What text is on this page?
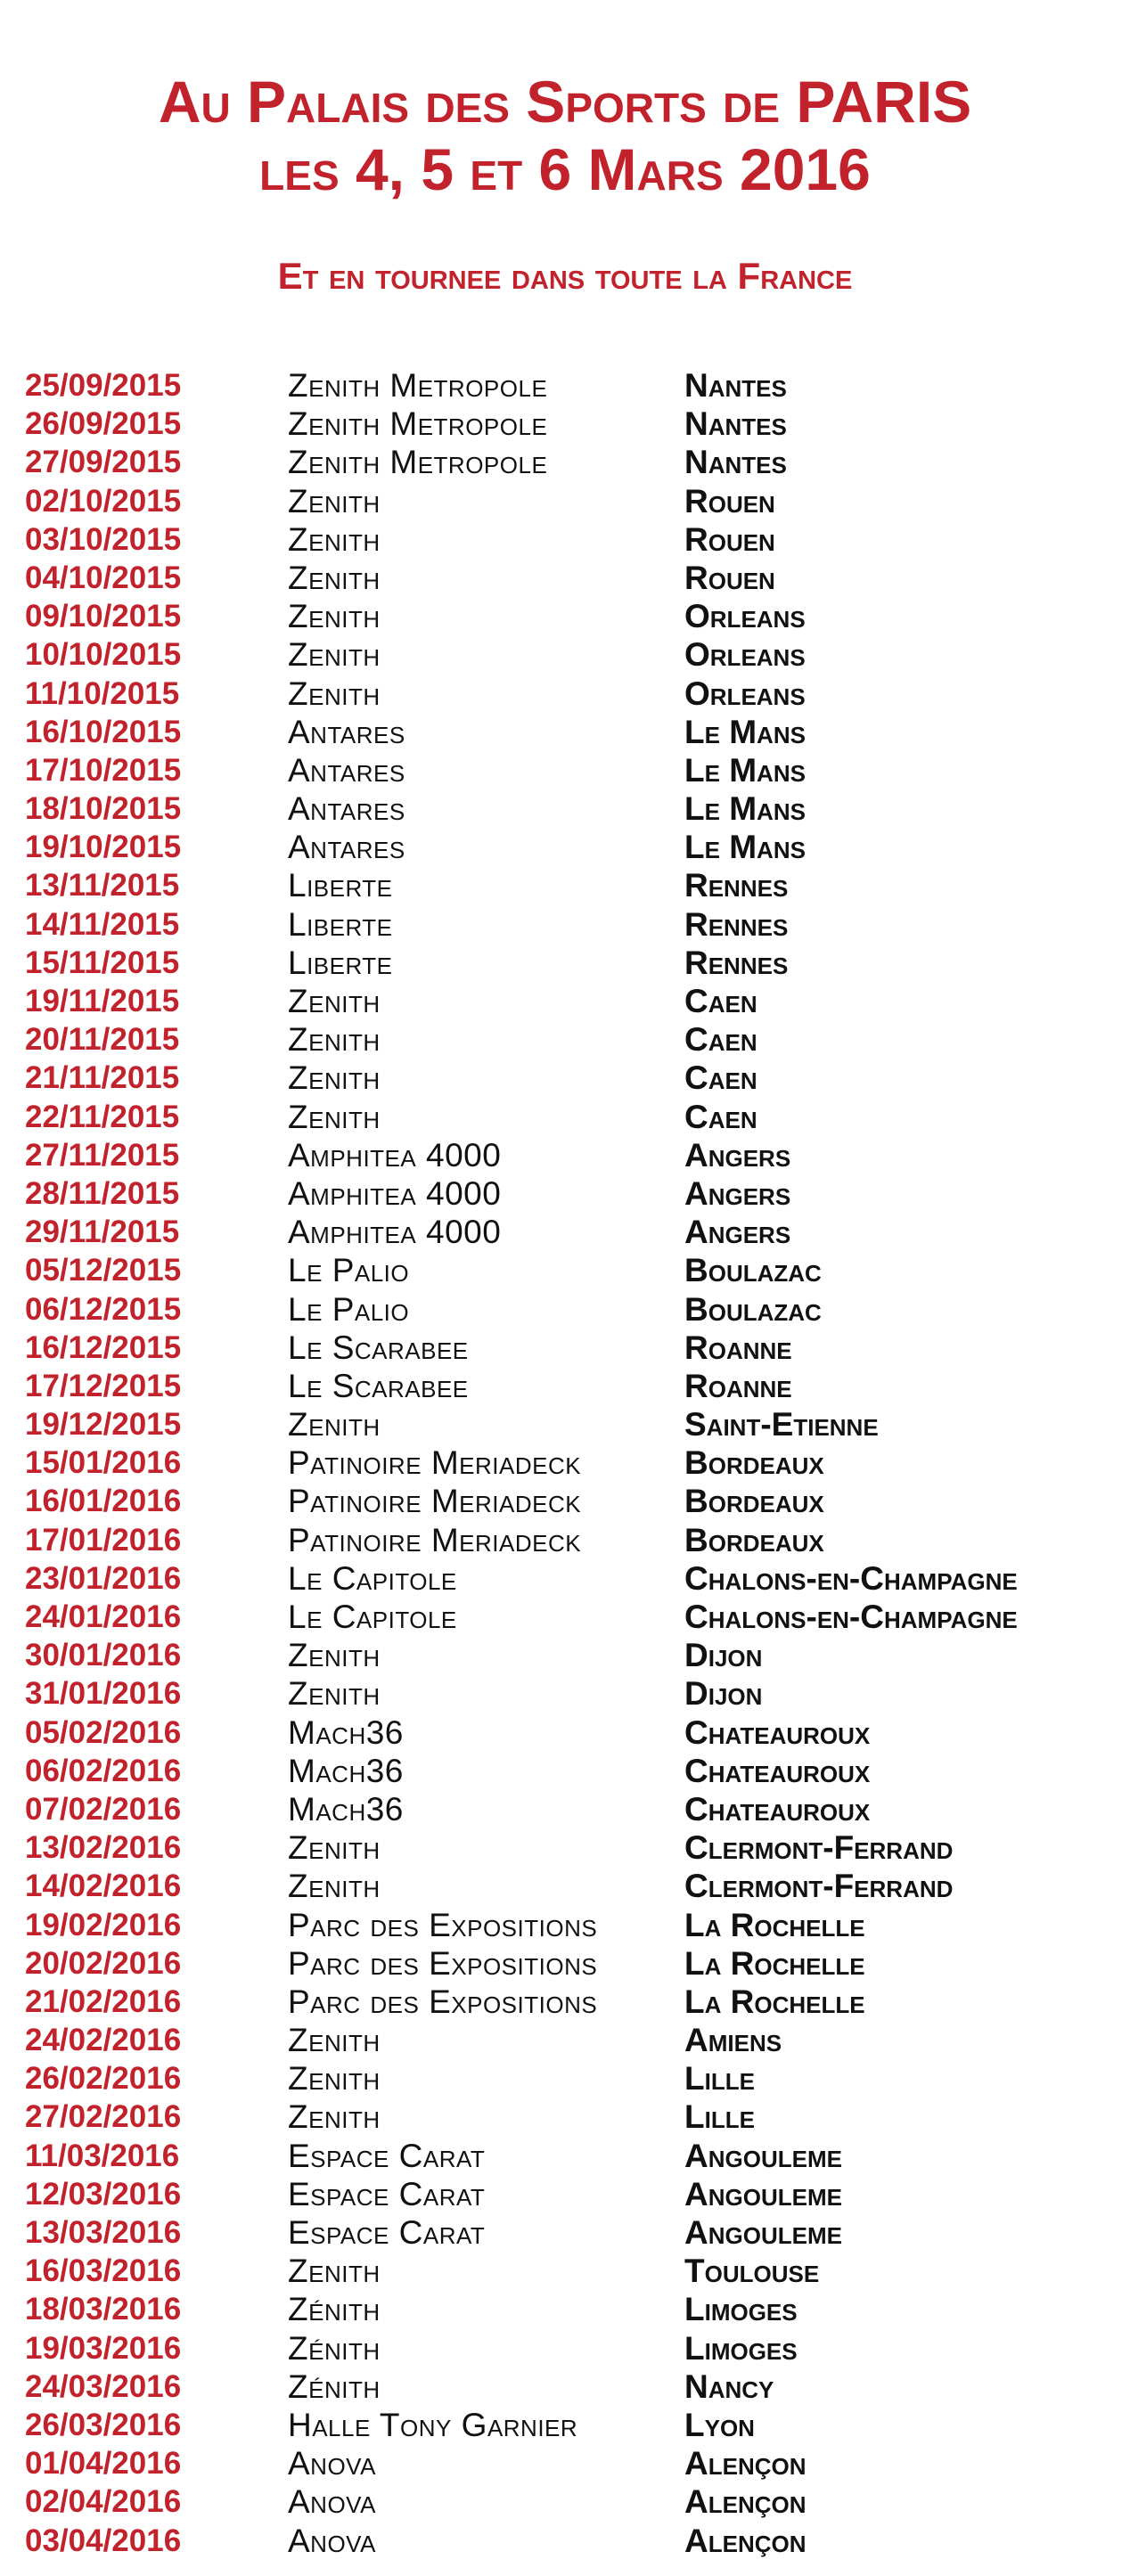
Au Palais des Sports de PARIS
les 4, 5 et 6 Mars 2016
Et en tournee dans toute la France
25/09/2015	Zenith Metropole	Nantes
26/09/2015	Zenith Metropole	Nantes
27/09/2015	Zenith Metropole	Nantes
02/10/2015	Zenith	Rouen
03/10/2015	Zenith	Rouen
04/10/2015	Zenith	Rouen
09/10/2015	Zenith	Orleans
10/10/2015	Zenith	Orleans
11/10/2015	Zenith	Orleans
16/10/2015	Antares	Le Mans
17/10/2015	Antares	Le Mans
18/10/2015	Antares	Le Mans
19/10/2015	Antares	Le Mans
13/11/2015	Liberte	Rennes
14/11/2015	Liberte	Rennes
15/11/2015	Liberte	Rennes
19/11/2015	Zenith	Caen
20/11/2015	Zenith	Caen
21/11/2015	Zenith	Caen
22/11/2015	Zenith	Caen
27/11/2015	Amphitea 4000	Angers
28/11/2015	Amphitea 4000	Angers
29/11/2015	Amphitea 4000	Angers
05/12/2015	Le Palio	Boulazac
06/12/2015	Le Palio	Boulazac
16/12/2015	Le Scarabee	Roanne
17/12/2015	Le Scarabee	Roanne
19/12/2015	Zenith	Saint-Etienne
15/01/2016	Patinoire Meriadeck	Bordeaux
16/01/2016	Patinoire Meriadeck	Bordeaux
17/01/2016	Patinoire Meriadeck	Bordeaux
23/01/2016	Le Capitole	Chalons-en-Champagne
24/01/2016	Le Capitole	Chalons-en-Champagne
30/01/2016	Zenith	Dijon
31/01/2016	Zenith	Dijon
05/02/2016	Mach36	Chateauroux
06/02/2016	Mach36	Chateauroux
07/02/2016	Mach36	Chateauroux
13/02/2016	Zenith	Clermont-Ferrand
14/02/2016	Zenith	Clermont-Ferrand
19/02/2016	Parc des Expositions	La Rochelle
20/02/2016	Parc des Expositions	La Rochelle
21/02/2016	Parc des Expositions	La Rochelle
24/02/2016	Zenith	Amiens
26/02/2016	Zenith	Lille
27/02/2016	Zenith	Lille
11/03/2016	Espace Carat	Angouleme
12/03/2016	Espace Carat	Angouleme
13/03/2016	Espace Carat	Angouleme
16/03/2016	Zenith	Toulouse
18/03/2016	Zénith	Limoges
19/03/2016	Zénith	Limoges
24/03/2016	Zénith	Nancy
26/03/2016	Halle Tony Garnier	Lyon
01/04/2016	Anova	Alençon
02/04/2016	Anova	Alençon
03/04/2016	Anova	Alençon
